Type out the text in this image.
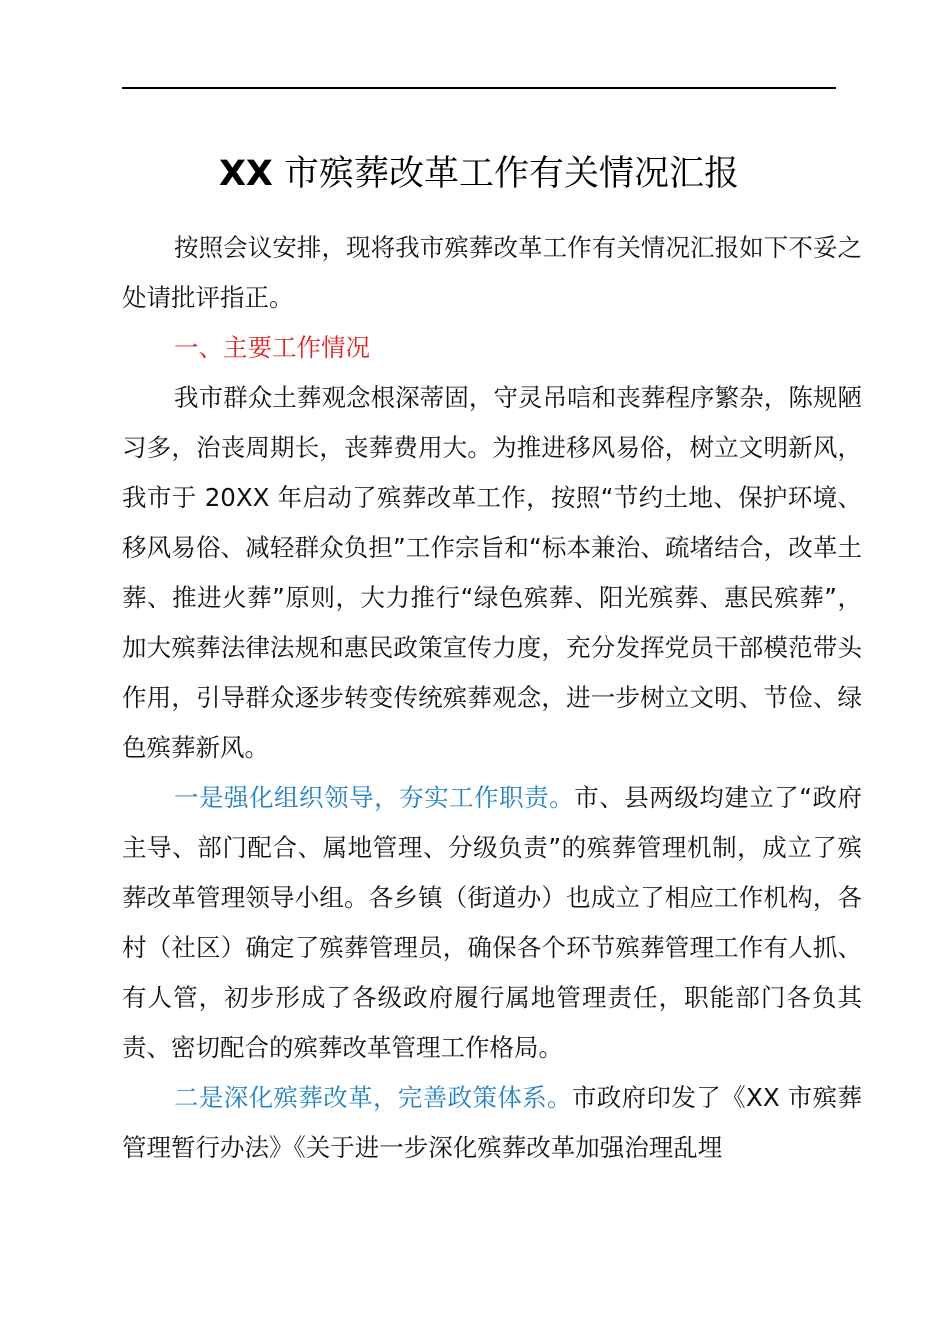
XX 市殡葬改革工作有关情况汇报

按照会议安排，现将我市殡葬改革工作有关情况汇报如下不妥之处请批评指正。

一、主要工作情况

我市群众土葬观念根深蒂固，守灵吊唁和丧葬程序繁杂，陈规陋习多，治丧周期长，丧葬费用大。为推进移风易俗，树立文明新风，我市于 20XX 年启动了殡葬改革工作，按照“节约土地、保护环境、移风易俗、减轻群众负担”工作宗旨和“标本兼治、疏堵结合，改革土葬、推进火葬”原则，大力推行“绿色殡葬、阳光殡葬、惠民殡葬”，加大殡葬法律法规和惠民政策宣传力度，充分发挥党员干部模范带头作用，引导群众逐步转变传统殡葬观念，进一步树立文明、节俭、绿色殡葬新风。

一是强化组织领导，夯实工作职责。市、县两级均建立了“政府主导、部门配合、属地管理、分级负责”的殡葬管理机制，成立了殡葬改革管理领导小组。各乡镇（街道办）也成立了相应工作机构，各村（社区）确定了殡葬管理员，确保各个环节殡葬管理工作有人抓、有人管，初步形成了各级政府履行属地管理责任，职能部门各负其责、密切配合的殡葬改革管理工作格局。

二是深化殡葬改革，完善政策体系。市政府印发了《XX 市殡葬管理暂行办法》《关于进一步深化殡葬改革加强治理乱埋
